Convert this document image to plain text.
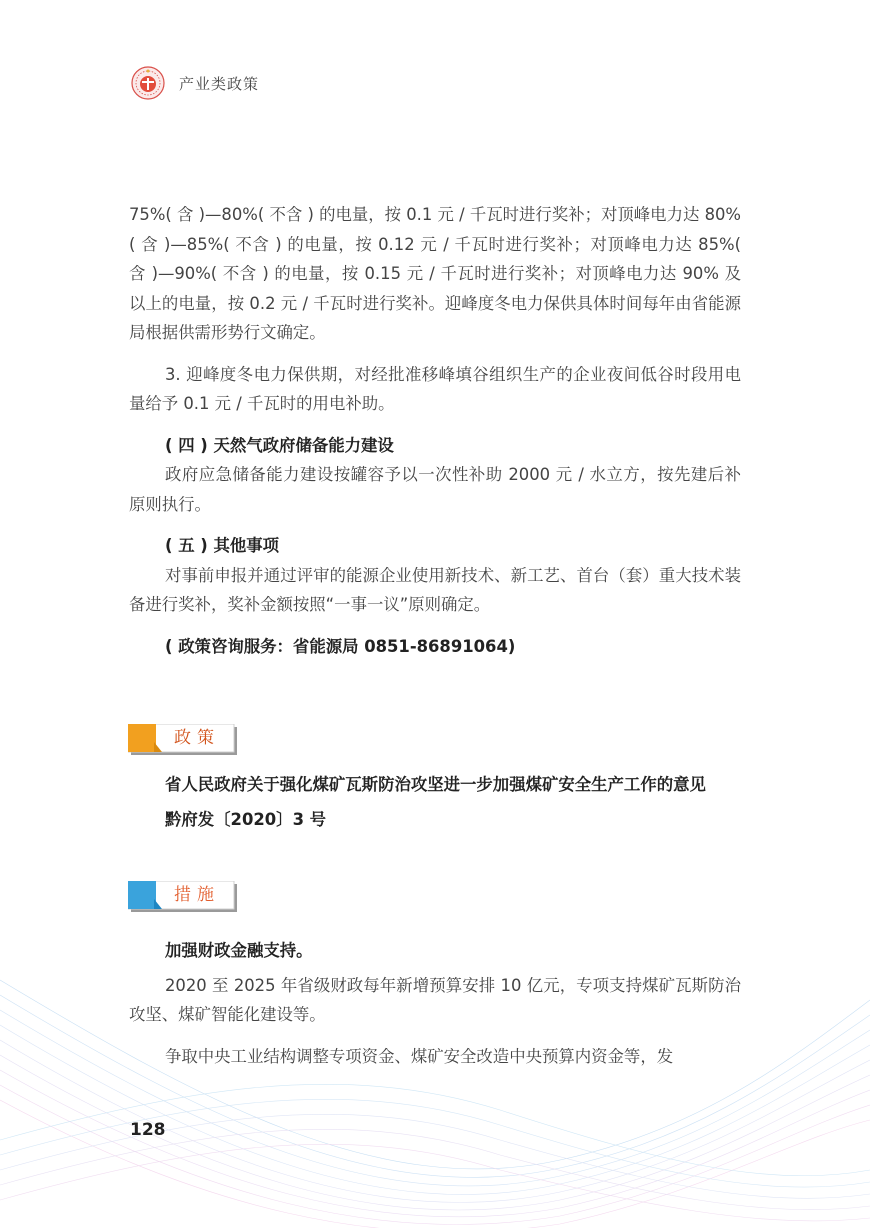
产业类政策

75%( 含 )—80%( 不含 ) 的电量，按 0.1 元 / 千瓦时进行奖补；对顶峰电力达 80%( 含 )—85%( 不含 ) 的电量，按 0.12 元 / 千瓦时进行奖补；对顶峰电力达 85%( 含 )—90%( 不含 ) 的电量，按 0.15 元 / 千瓦时进行奖补；对顶峰电力达 90% 及以上的电量，按 0.2 元 / 千瓦时进行奖补。迎峰度冬电力保供具体时间每年由省能源局根据供需形势行文确定。

3. 迎峰度冬电力保供期，对经批准移峰填谷组织生产的企业夜间低谷时段用电量给予 0.1 元 / 千瓦时的用电补助。

( 四 ) 天然气政府储备能力建设

政府应急储备能力建设按罐容予以一次性补助 2000 元 / 水立方，按先建后补原则执行。

( 五 ) 其他事项

对事前申报并通过评审的能源企业使用新技术、新工艺、首台（套）重大技术装备进行奖补，奖补金额按照“一事一议”原则确定。

( 政策咨询服务：省能源局 0851-86891064)

政策

省人民政府关于强化煤矿瓦斯防治攻坚进一步加强煤矿安全生产工作的意见

黔府发〔2020〕3 号

措施

加强财政金融支持。

2020 至 2025 年省级财政每年新增预算安排 10 亿元，专项支持煤矿瓦斯防治攻坚、煤矿智能化建设等。

争取中央工业结构调整专项资金、煤矿安全改造中央预算内资金等，发

128
